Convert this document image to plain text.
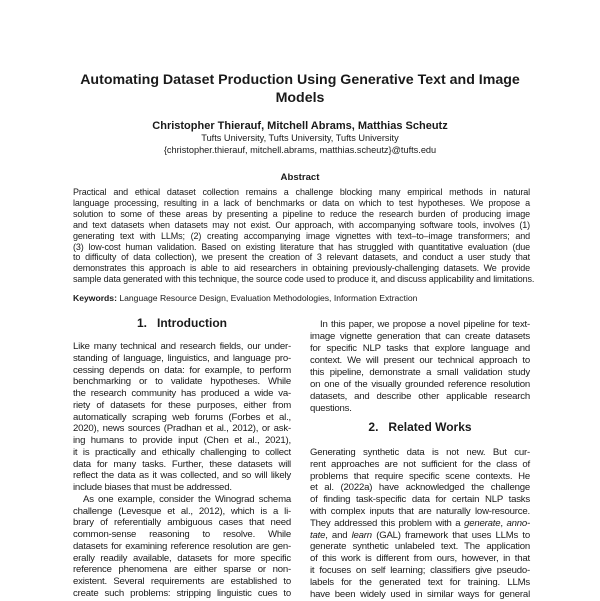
Automating Dataset Production Using Generative Text and Image
Models
Christopher Thierauf, Mitchell Abrams, Matthias Scheutz
Tufts University, Tufts University, Tufts University
{christopher.thierauf, mitchell.abrams, matthias.scheutz}@tufts.edu
Abstract
Practical and ethical dataset collection remains a challenge blocking many empirical methods in natural
language processing, resulting in a lack of benchmarks or data on which to test hypotheses. We propose a
solution to some of these areas by presenting a pipeline to reduce the research burden of producing image
and text datasets when datasets may not exist. Our approach, with accompanying software tools, involves (1)
generating text with LLMs; (2) creating accompanying image vignettes with text–to–image transformers; and
(3) low-cost human validation. Based on existing literature that has struggled with quantitative evaluation (due
to difficulty of data collection), we present the creation of 3 relevant datasets, and conduct a user study that
demonstrates this approach is able to aid researchers in obtaining previously-challenging datasets. We provide
sample data generated with this technique, the source code used to produce it, and discuss applicability and limitations.
Keywords: Language Resource Design, Evaluation Methodologies, Information Extraction
1.   Introduction
Like many technical and research fields, our under-
standing of language, linguistics, and language pro-
cessing depends on data: for example, to perform
benchmarking or to validate hypotheses. While
the research community has produced a wide va-
riety of datasets for these purposes, either from
automatically scraping web forums (Forbes et al.,
2020), news sources (Pradhan et al., 2012), or ask-
ing humans to provide input (Chen et al., 2021),
it is practically and ethically challenging to collect
data for many tasks. Further, these datasets will
reflect the data as it was collected, and so will likely
include biases that must be addressed.
As one example, consider the Winograd schema
challenge (Levesque et al., 2012), which is a li-
brary of referentially ambiguous cases that need
common-sense reasoning to resolve. While
datasets for examining reference resolution are gen-
erally readily available, datasets for more specific
reference phenomena are either sparse or non-
existent. Several requirements are established to
create such problems: stripping linguistic cues to
In this paper, we propose a novel pipeline for text-
image vignette generation that can create datasets
for specific NLP tasks that explore language and
context. We will present our technical approach to
this pipeline, demonstrate a small validation study
on one of the visually grounded reference resolution
datasets, and describe other applicable research
questions.
2.   Related Works
Generating synthetic data is not new. But cur-
rent approaches are not sufficient for the class of
problems that require specific scene contexts. He
et al. (2022a) have acknowledged the challenge
of finding task-specific data for certain NLP tasks
with complex inputs that are naturally low-resource.
They addressed this problem with a generate, anno-
tate, and learn (GAL) framework that uses LLMs to
generate synthetic unlabeled text. The application
of this work is different from ours, however, in that
it focuses on self learning; classifiers give pseudo-
labels for the generated text for training. LLMs
have been widely used in similar ways for general
